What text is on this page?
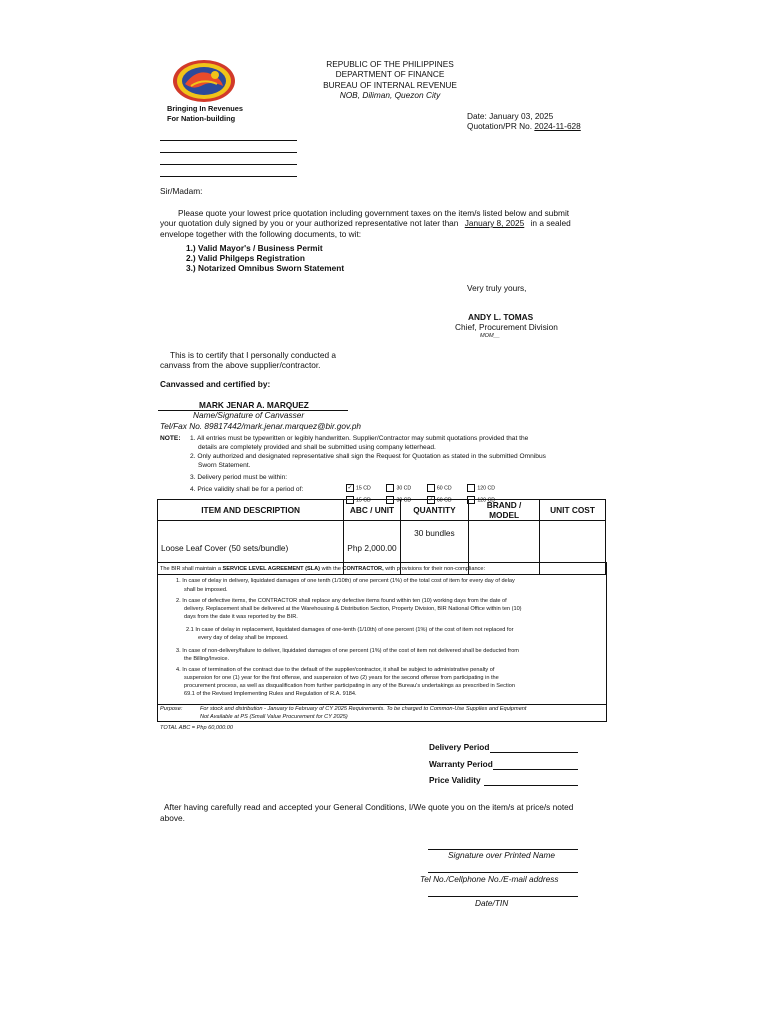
Bringing In Revenues
For Nation-building
REPUBLIC OF THE PHILIPPINES
DEPARTMENT OF FINANCE
BUREAU OF INTERNAL REVENUE
NOB, Diliman, Quezon City
Date: January 03, 2025
Quotation/PR No. 2024-11-628
Sir/Madam:
Please quote your lowest price quotation including government taxes on the item/s listed below and submit
your quotation duly signed by you or your authorized representative not later than January 8, 2025 in a sealed
envelope together with the following documents, to wit:
1.) Valid Mayor's / Business Permit
2.) Valid Philgeps Registration
3.) Notarized Omnibus Sworn Statement
Very truly yours,
ANDY L. TOMAS
Chief, Procurement Division
MOM__
This is to certify that I personally conducted a
canvass from the above supplier/contractor.
Canvassed and certified by:
MARK JENAR A. MARQUEZ
Name/Signature of Canvasser
Tel/Fax No. 89817442/mark.jenar.marquez@bir.gov.ph
NOTE: 1. All entries must be typewritten or legibly handwritten. Supplier/Contractor may submit quotations provided that the
details are completely provided and shall be submitted using company letterhead.
2. Only authorized and designated representative shall sign the Request for Quotation as stated in the submitted Omnibus
Sworn Statement.
3. Delivery period must be within:
4. Price validity shall be for a period of:	✓ 15 CD	30 CD	60 CD	120 CD
15 CD	30 CD	✓ 60 CD	120 CD
ITEM AND DESCRIPTION	ABC / UNIT	QUANTITY	BRAND / MODEL	UNIT COST
Loose Leaf Cover (50 sets/bundle)	Php 2,000.00	30 bundles		
The BIR shall maintain a SERVICE LEVEL AGREEMENT (SLA) with the CONTRACTOR, with provisions for their non-compliance:
1. In case of delay in delivery, liquidated damages of one tenth (1/10th) of one percent (1%) of the total cost of item for every day of delay
shall be imposed.
2. In case of defective items, the CONTRACTOR shall replace any defective items found within ten (10) working days from the date of
delivery. Replacement shall be delivered at the Warehousing & Distribution Section, Property Division, BIR National Office within ten (10)
days from the date it was reported by the BIR.
2.1 In case of delay in replacement, liquidated damages of one-tenth (1/10th) of one percent (1%) of the cost of item not replaced for
every day of delay shall be imposed.
3. In case of non-delivery/failure to deliver, liquidated damages of one percent (1%) of the cost of item not delivered shall be deducted from
the Billing/Invoice.
4. In case of termination of the contract due to the default of the supplier/contractor, it shall be subject to administrative penalty of
suspension for one (1) year for the first offense, and suspension of two (2) years for the second offense from participating in the
procurement process, as well as disqualification from further participating in any of the Bureau's undertakings as prescribed in Section
69.1 of the Revised Implementing Rules and Regulation of R.A. 9184.
Purpose:	For stock and distribution - January to February of CY 2025 Requirements. To be charged to Common-Use Supplies and Equipment
Not Available at PS (Small Value Procurement for CY 2025)
TOTAL ABC = Php 60,000.00
Delivery Period
Warranty Period
Price Validity
After having carefully read and accepted your General Conditions, I/We quote you on the item/s at price/s noted
above.
Signature over Printed Name
Tel No./Cellphone No./E-mail address
Date/TIN
